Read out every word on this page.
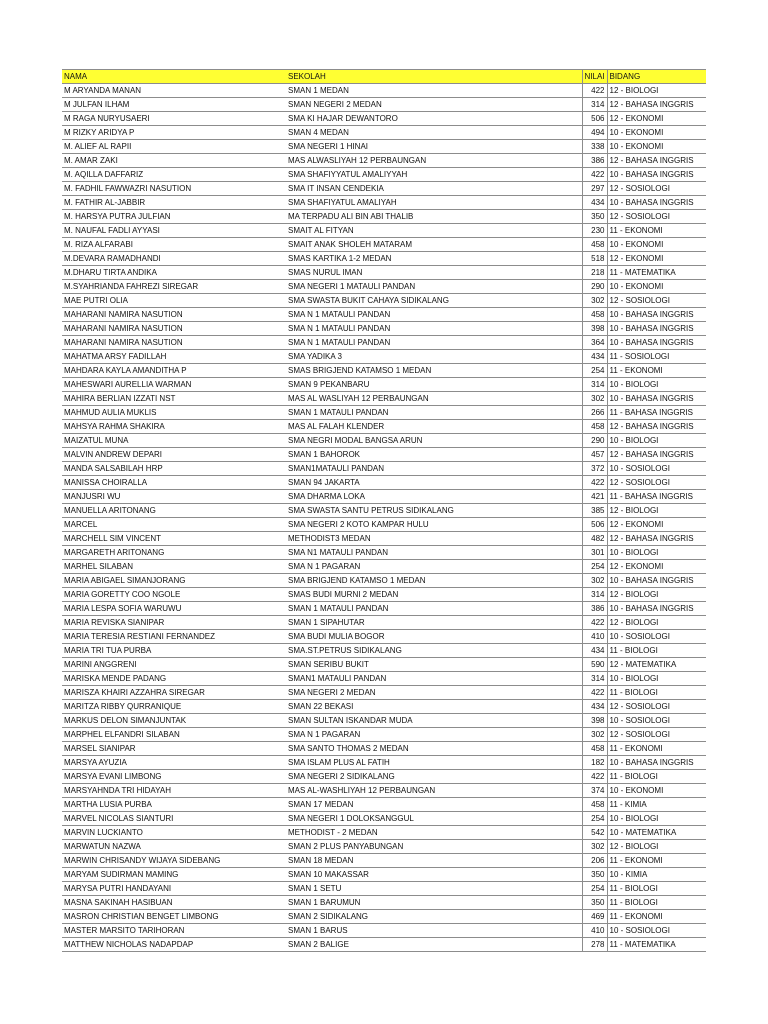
NAMA	SEKOLAH	NILAI	BIDANG
M ARYANDA MANAN	SMAN 1 MEDAN	422	12 - BIOLOGI
M JULFAN ILHAM	SMAN NEGERI 2 MEDAN	314	12 - BAHASA INGGRIS
M RAGA NURYUSAERI	SMA KI HAJAR DEWANTORO	506	12 - EKONOMI
M RIZKY ARIDYA P	SMAN 4 MEDAN	494	10 - EKONOMI
M. ALIEF AL RAPII	SMA NEGERI 1 HINAI	338	10 - EKONOMI
M. AMAR ZAKI	MAS ALWASLIYAH 12 PERBAUNGAN	386	12 - BAHASA INGGRIS
M. AQILLA DAFFARIZ	SMA SHAFIYYATUL AMALIYYAH	422	10 - BAHASA INGGRIS
M. FADHIL FAWWAZRI NASUTION	SMA IT INSAN CENDEKIA	297	12 - SOSIOLOGI
M. FATHIR AL-JABBIR	SMA SHAFIYATUL AMALIYAH	434	10 - BAHASA INGGRIS
M. HARSYA PUTRA JULFIAN	MA TERPADU ALI BIN ABI THALIB	350	12 - SOSIOLOGI
M. NAUFAL FADLI AYYASI	SMAIT AL FITYAN	230	11 - EKONOMI
M. RIZA ALFARABI	SMAIT ANAK SHOLEH MATARAM	458	10 - EKONOMI
M.DEVARA RAMADHANDI	SMAS KARTIKA 1-2 MEDAN	518	12 - EKONOMI
M.DHARU TIRTA ANDIKA	SMAS NURUL IMAN	218	11 - MATEMATIKA
M.SYAHRIANDA FAHREZI SIREGAR	SMA NEGERI 1 MATAULI PANDAN	290	10 - EKONOMI
MAE PUTRI OLIA	SMA SWASTA BUKIT CAHAYA SIDIKALANG	302	12 - SOSIOLOGI
MAHARANI NAMIRA NASUTION	SMA N 1 MATAULI PANDAN	458	10 - BAHASA INGGRIS
MAHARANI NAMIRA NASUTION	SMA N 1 MATAULI PANDAN	398	10 - BAHASA INGGRIS
MAHARANI NAMIRA NASUTION	SMA N 1 MATAULI PANDAN	364	10 - BAHASA INGGRIS
MAHATMA ARSY FADILLAH	SMA YADIKA 3	434	11 - SOSIOLOGI
MAHDARA KAYLA AMANDITHA P	SMAS BRIGJEND KATAMSO 1 MEDAN	254	11 - EKONOMI
MAHESWARI AURELLIA WARMAN	SMAN 9 PEKANBARU	314	10 - BIOLOGI
MAHIRA BERLIAN IZZATI NST	MAS AL WASLIYAH 12 PERBAUNGAN	302	10 - BAHASA INGGRIS
MAHMUD AULIA MUKLIS	SMAN 1 MATAULI PANDAN	266	11 - BAHASA INGGRIS
MAHSYA RAHMA SHAKIRA	MAS AL FALAH KLENDER	458	12 - BAHASA INGGRIS
MAIZATUL MUNA	SMA NEGRI MODAL BANGSA ARUN	290	10 - BIOLOGI
MALVIN ANDREW DEPARI	SMAN 1 BAHOROK	457	12 - BAHASA INGGRIS
MANDA SALSABILAH HRP	SMAN1MATAULI PANDAN	372	10 - SOSIOLOGI
MANISSA CHOIRALLA	SMAN 94 JAKARTA	422	12 - SOSIOLOGI
MANJUSRI WU	SMA DHARMA LOKA	421	11 - BAHASA INGGRIS
MANUELLA ARITONANG	SMA SWASTA SANTU PETRUS SIDIKALANG	385	12 - BIOLOGI
MARCEL	SMA NEGERI 2 KOTO KAMPAR HULU	506	12 - EKONOMI
MARCHELL SIM VINCENT	METHODIST3 MEDAN	482	12 - BAHASA INGGRIS
MARGARETH ARITONANG	SMA N1 MATAULI PANDAN	301	10 - BIOLOGI
MARHEL SILABAN	SMA N 1 PAGARAN	254	12 - EKONOMI
MARIA ABIGAEL SIMANJORANG	SMA BRIGJEND KATAMSO 1 MEDAN	302	10 - BAHASA INGGRIS
MARIA GORETTY COO NGOLE	SMAS BUDI MURNI 2 MEDAN	314	12 - BIOLOGI
MARIA LESPA SOFIA WARUWU	SMAN 1 MATAULI PANDAN	386	10 - BAHASA INGGRIS
MARIA REVISKA SIANIPAR	SMAN 1 SIPAHUTAR	422	12 - BIOLOGI
MARIA TERESIA RESTIANI FERNANDEZ	SMA BUDI MULIA BOGOR	410	10 - SOSIOLOGI
MARIA TRI TUA PURBA	SMA.ST.PETRUS SIDIKALANG	434	11 - BIOLOGI
MARINI ANGGRENI	SMAN SERIBU BUKIT	590	12 - MATEMATIKA
MARISKA MENDE PADANG	SMAN1 MATAULI PANDAN	314	10 - BIOLOGI
MARISZA KHAIRI AZZAHRA SIREGAR	SMA NEGERI 2 MEDAN	422	11 - BIOLOGI
MARITZA RIBBY QURRANIQUE	SMAN 22 BEKASI	434	12 - SOSIOLOGI
MARKUS DELON SIMANJUNTAK	SMAN SULTAN ISKANDAR MUDA	398	10 - SOSIOLOGI
MARPHEL ELFANDRI SILABAN	SMA N 1 PAGARAN	302	12 - SOSIOLOGI
MARSEL SIANIPAR	SMA SANTO THOMAS 2 MEDAN	458	11 - EKONOMI
MARSYA AYUZIA	SMA ISLAM PLUS AL FATIH	182	10 - BAHASA INGGRIS
MARSYA EVANI LIMBONG	SMA NEGERI 2 SIDIKALANG	422	11 - BIOLOGI
MARSYAHNDA TRI HIDAYAH	MAS AL-WASHLIYAH 12 PERBAUNGAN	374	10 - EKONOMI
MARTHA LUSIA PURBA	SMAN 17 MEDAN	458	11 - KIMIA
MARVEL NICOLAS SIANTURI	SMA NEGERI 1 DOLOKSANGGUL	254	10 - BIOLOGI
MARVIN LUCKIANTO	METHODIST - 2 MEDAN	542	10 - MATEMATIKA
MARWATUN NAZWA	SMAN 2 PLUS PANYABUNGAN	302	12 - BIOLOGI
MARWIN CHRISANDY WIJAYA SIDEBANG	SMAN 18 MEDAN	206	11 - EKONOMI
MARYAM SUDIRMAN MAMING	SMAN 10 MAKASSAR	350	10 - KIMIA
MARYSA PUTRI HANDAYANI	SMAN 1 SETU	254	11 - BIOLOGI
MASNA SAKINAH HASIBUAN	SMAN 1 BARUMUN	350	11 - BIOLOGI
MASRON CHRISTIAN BENGET LIMBONG	SMAN 2 SIDIKALANG	469	11 - EKONOMI
MASTER MARSITO TARIHORAN	SMAN 1 BARUS	410	10 - SOSIOLOGI
MATTHEW NICHOLAS NADAPDAP	SMAN 2 BALIGE	278	11 - MATEMATIKA
